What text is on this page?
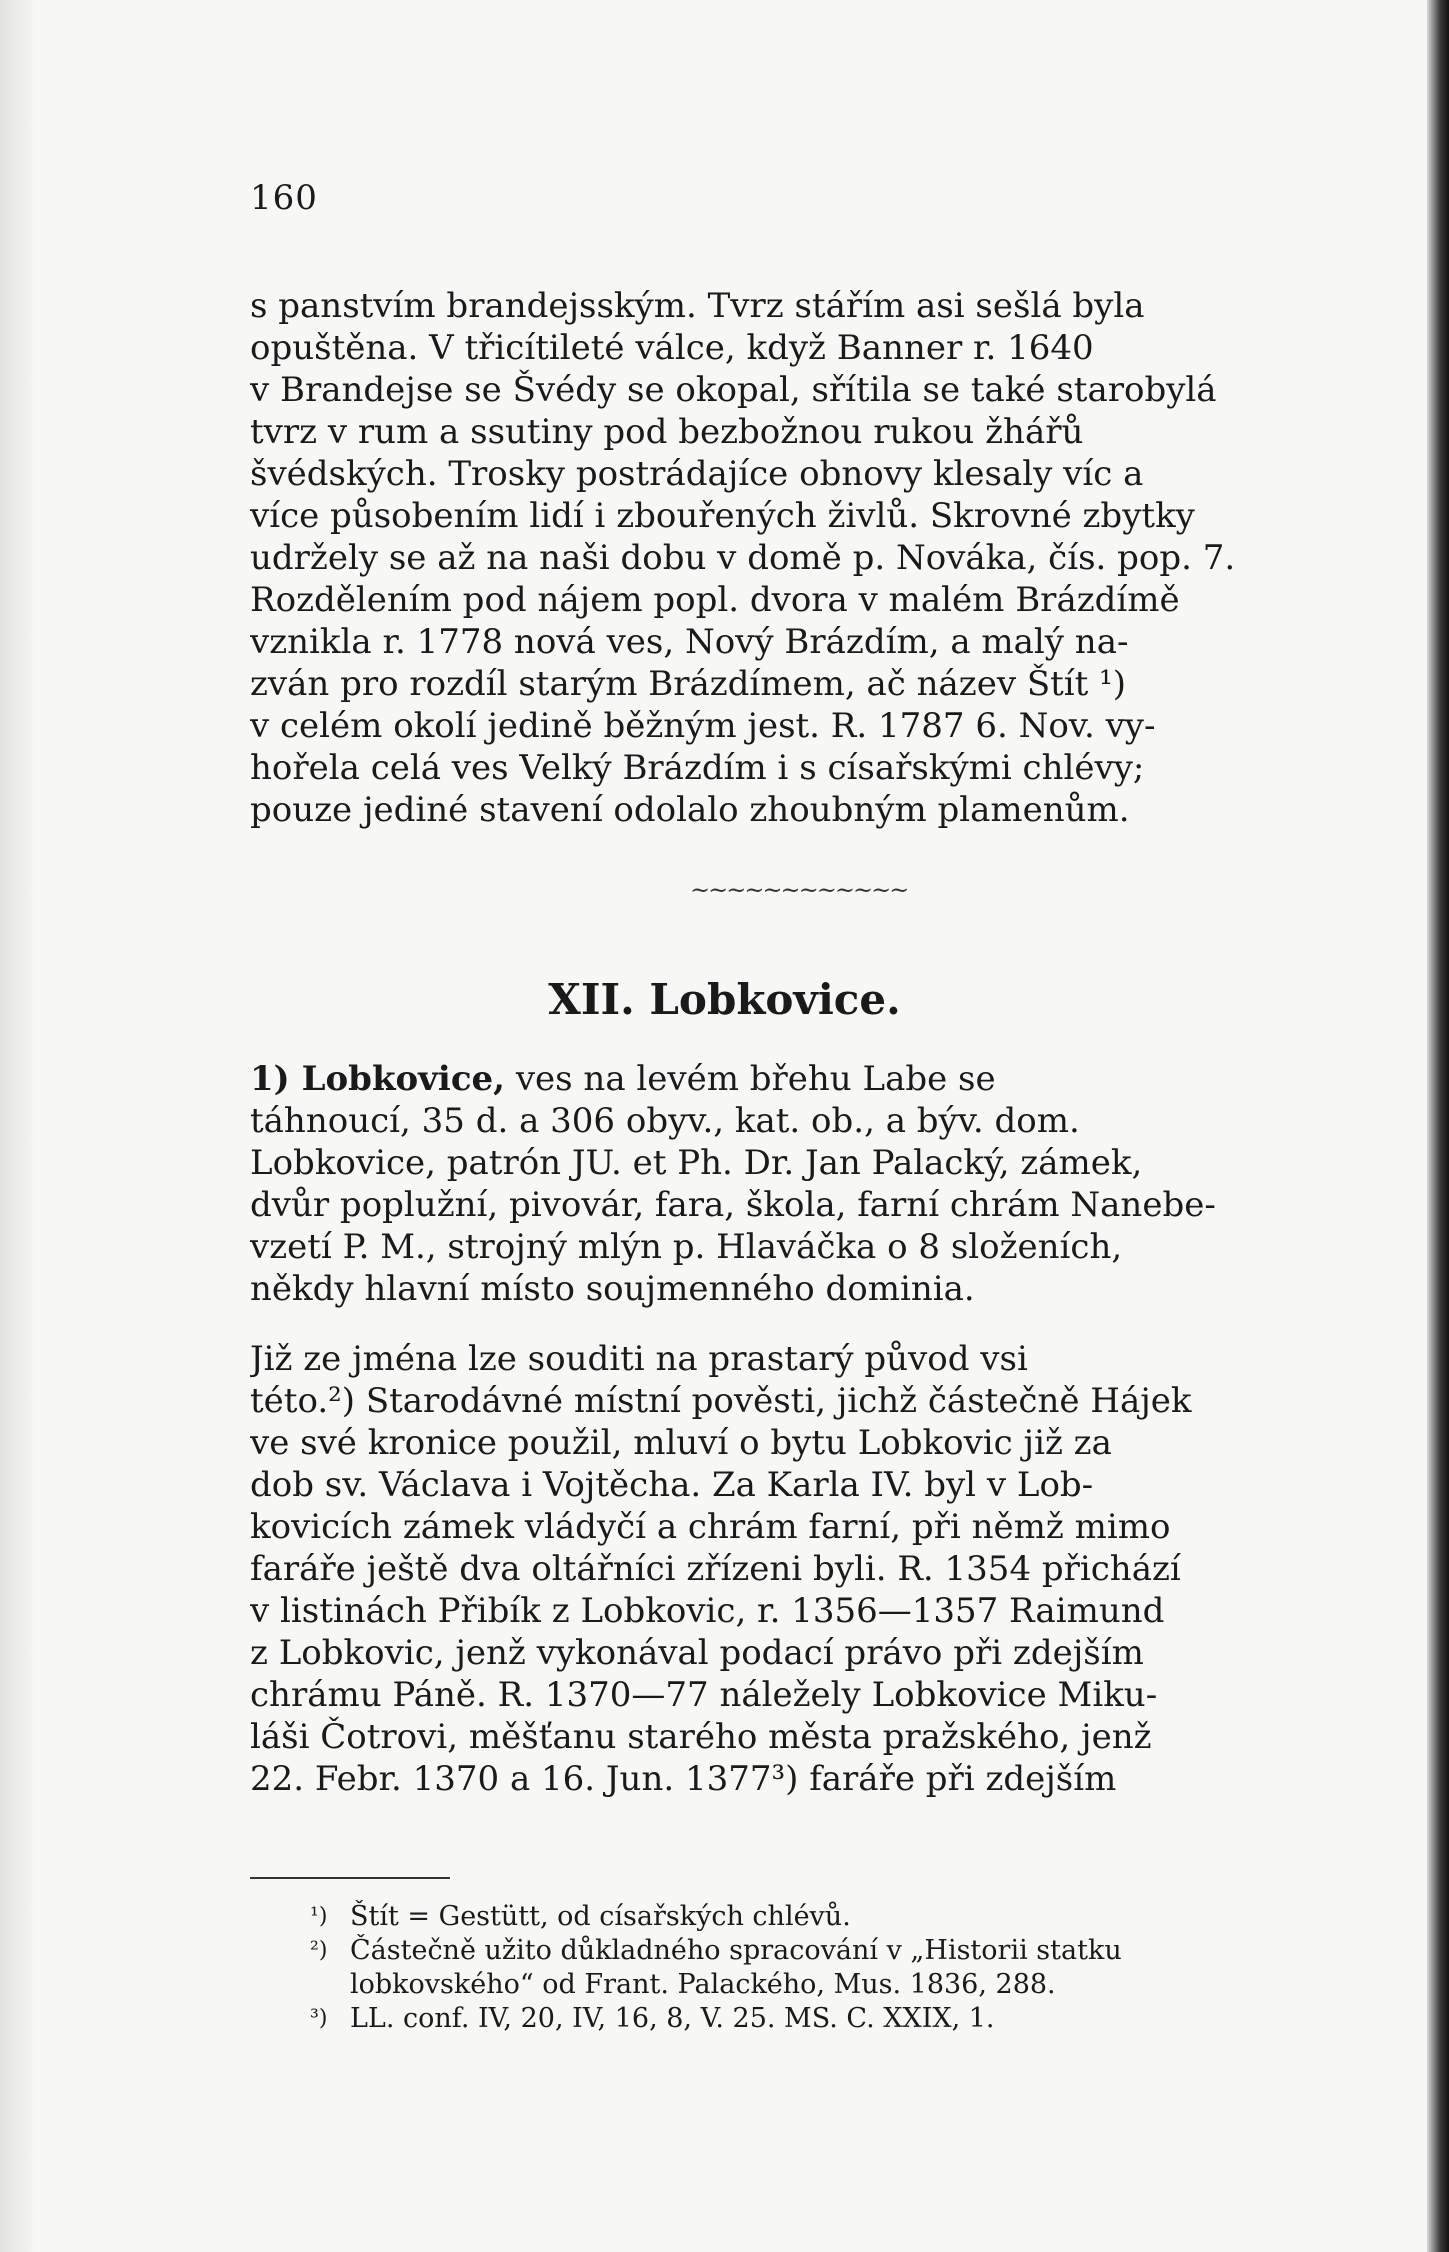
160
s panstvím brandejsským. Tvrz stářím asi sešlá byla
opuštěna. V třicítileté válce, když Banner r. 1640
v Brandejse se Švédy se okopal, sřítila se také starobylá
tvrz v rum a ssutiny pod bezbožnou rukou žhářů
švédských. Trosky postrádajíce obnovy klesaly víc a
více působením lidí i zbouřených živlů. Skrovné zbytky
udržely se až na naši dobu v domě p. Nováka, čís. pop. 7.
Rozdělením pod nájem popl. dvora v malém Brázdímě
vznikla r. 1778 nová ves, Nový Brázdím, a malý na-
zván pro rozdíl starým Brázdímem, ač název Štít ¹)
v celém okolí jedině běžným jest. R. 1787 6. Nov. vy-
hořela celá ves Velký Brázdím i s císařskými chlévy;
pouze jediné stavení odolalo zhoubným plamenům.
~~~~~~~~~~~~
XII. Lobkovice.
1) Lobkovice, ves na levém břehu Labe se
táhnoucí, 35 d. a 306 obyv., kat. ob., a býv. dom.
Lobkovice, patrón JU. et Ph. Dr. Jan Palacký, zámek,
dvůr poplužní, pivovár, fara, škola, farní chrám Nanebe-
vzetí P. M., strojný mlýn p. Hlaváčka o 8 složeních,
někdy hlavní místo soujmenného dominia.
Již ze jména lze souditi na prastarý původ vsi
této.²) Starodávné místní pověsti, jichž částečně Hájek
ve své kronice použil, mluví o bytu Lobkovic již za
dob sv. Václava i Vojtěcha. Za Karla IV. byl v Lob-
kovicích zámek vládyčí a chrám farní, při němž mimo
faráře ještě dva oltářníci zřízeni byli. R. 1354 přichází
v listinách Přibík z Lobkovic, r. 1356—1357 Raimund
z Lobkovic, jenž vykonával podací právo při zdejším
chrámu Páně. R. 1370—77 náležely Lobkovice Miku-
láši Čotrovi, měšťanu starého města pražského, jenž
22. Febr. 1370 a 16. Jun. 1377³) faráře při zdejším
¹) Štít = Gestütt, od císařských chlévů.
²) Částečně užito důkladného spracování v „Historii statku
lobkovského“ od Frant. Palackého, Mus. 1836, 288.
³) LL. conf. IV, 20, IV, 16, 8, V. 25. MS. C. XXIX, 1.
